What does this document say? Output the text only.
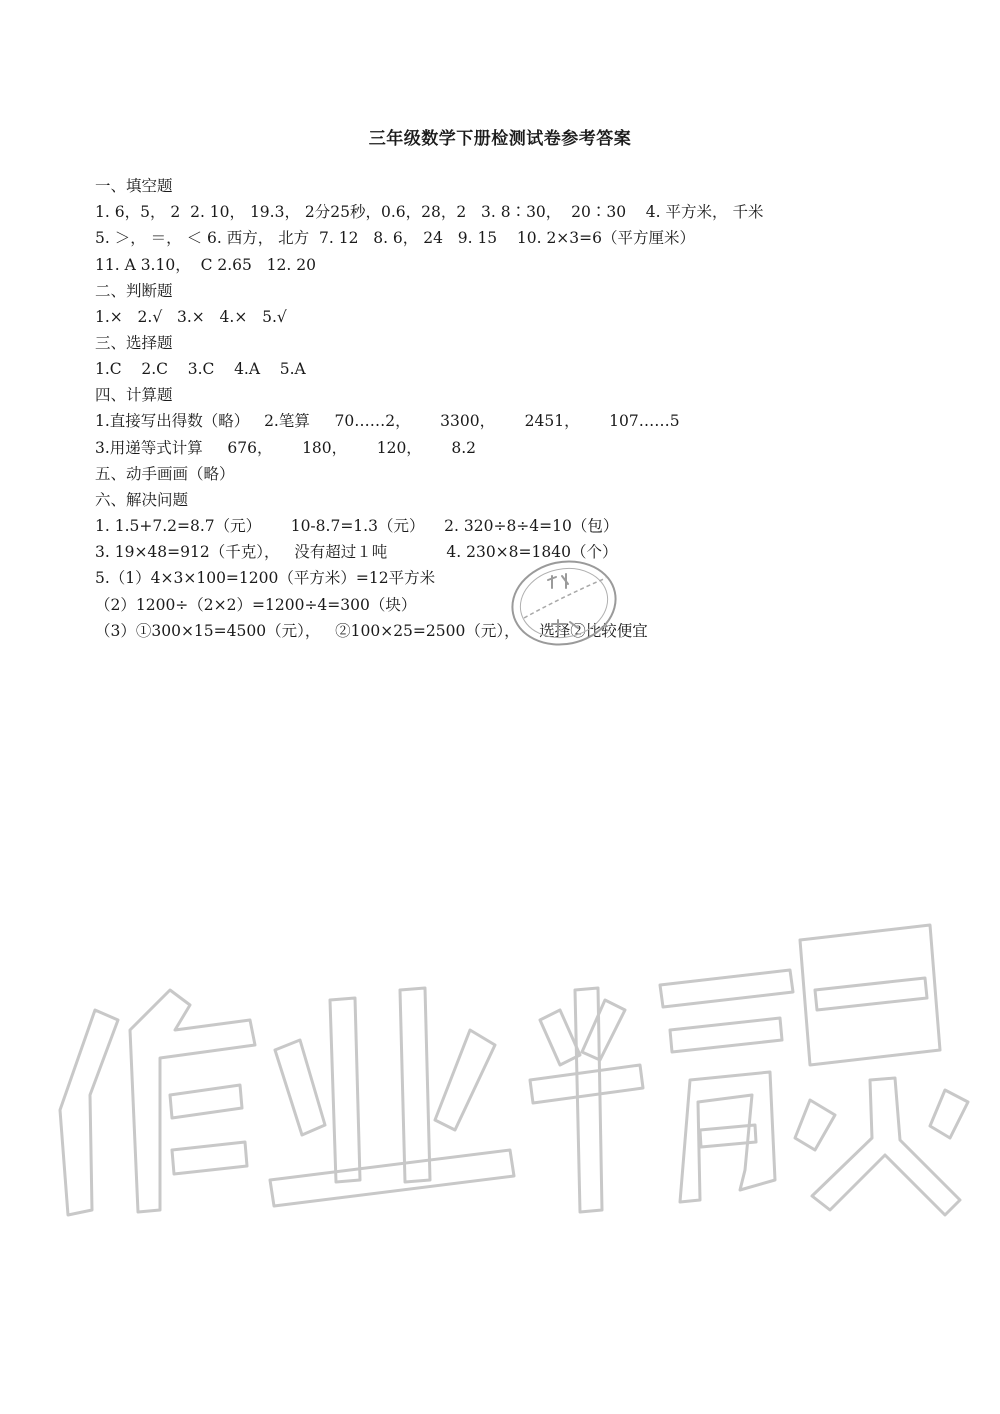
三年级数学下册检测试卷参考答案
一、填空题
1. 6，5， 2  2. 10， 19.3， 2分25秒，0.6，28，2   3. 8∶30，  20∶30    4. 平方米， 千米
5. ＞， ＝， ＜ 6. 西方， 北方  7. 12   8. 6， 24   9. 15    10. 2×3=6（平方厘米）
11. A 3.10，  C 2.65   12. 20
二、判断题
1.×   2.√   3.×   4.×   5.√
三、选择题
1.C    2.C    3.C    4.A    5.A
四、计算题
1.直接写出得数（略）   2.笔算     70……2，      3300，      2451，      107……5
3.用递等式计算     676，      180，      120，      8.2
五、动手画画（略）
六、解决问题
1. 1.5+7.2=8.7（元）      10-8.7=1.3（元）    2. 320÷8÷4=10（包）
3. 19×48=912（千克），   没有超过１吨            4. 230×8=1840（个）
5.（1）4×3×100=1200（平方米）=12平方米
（2）1200÷（2×2）=1200÷4=300（块）
（3）①300×15=4500（元），   ②100×25=2500（元），    选择②比较便宜
